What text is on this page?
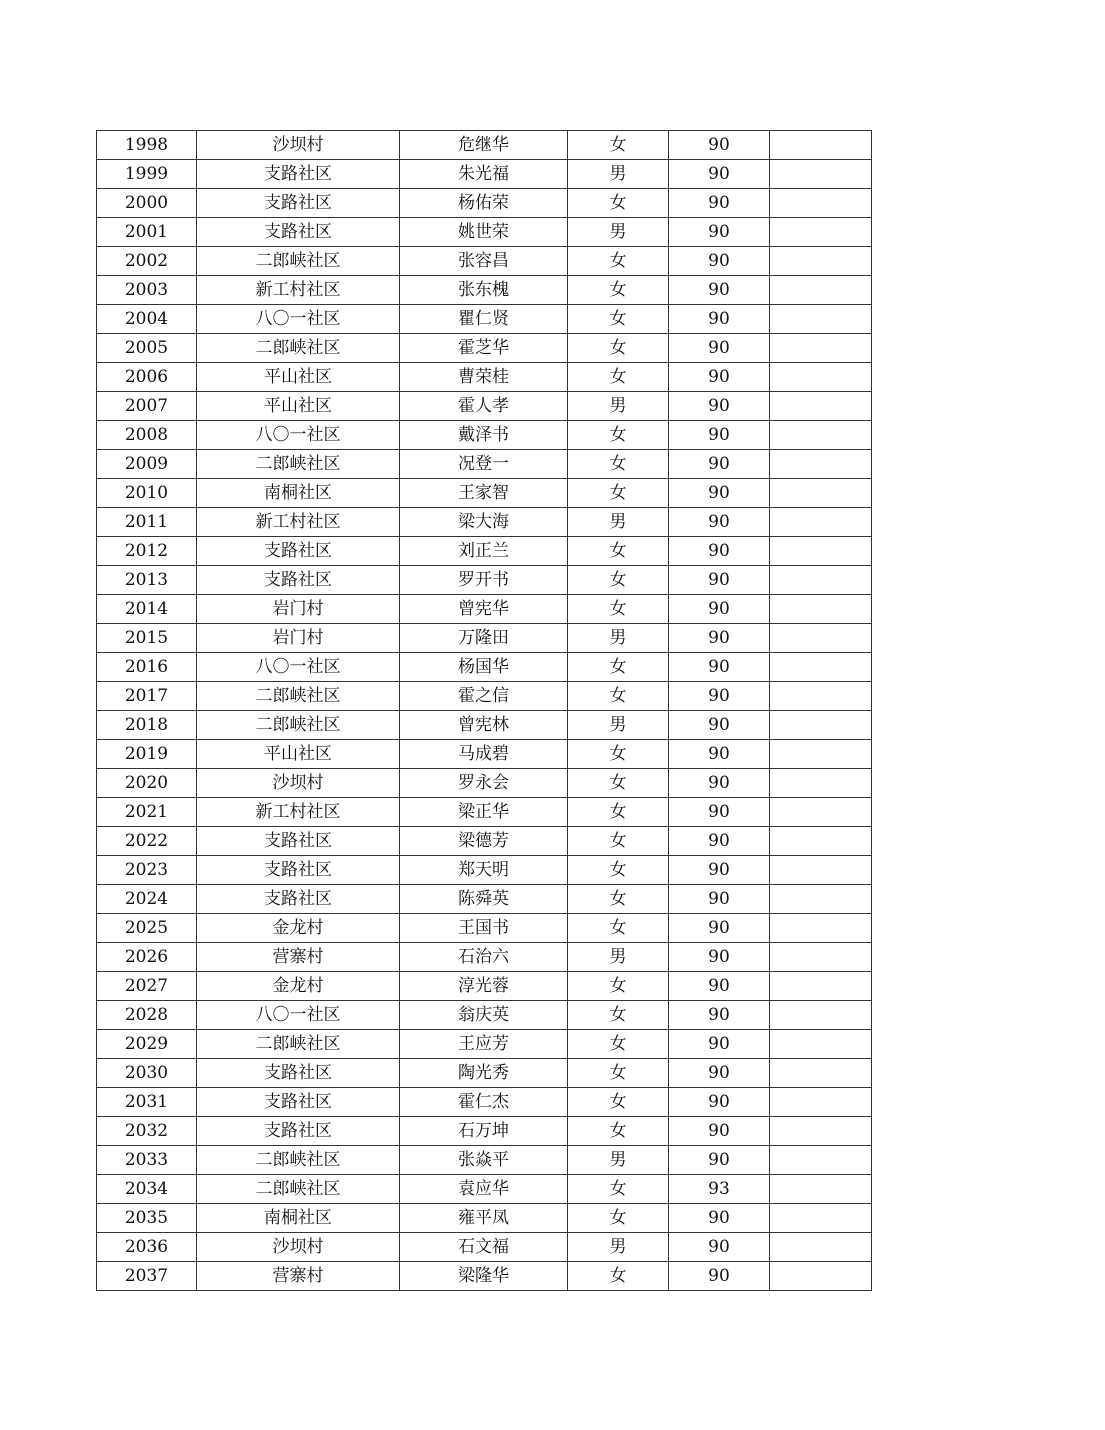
1998	沙坝村	危继华	女	90	
1999	支路社区	朱光福	男	90	
2000	支路社区	杨佑荣	女	90	
2001	支路社区	姚世荣	男	90	
2002	二郎峡社区	张容昌	女	90	
2003	新工村社区	张东槐	女	90	
2004	八〇一社区	瞿仁贤	女	90	
2005	二郎峡社区	霍芝华	女	90	
2006	平山社区	曹荣桂	女	90	
2007	平山社区	霍人孝	男	90	
2008	八〇一社区	戴泽书	女	90	
2009	二郎峡社区	况登一	女	90	
2010	南桐社区	王家智	女	90	
2011	新工村社区	梁大海	男	90	
2012	支路社区	刘正兰	女	90	
2013	支路社区	罗开书	女	90	
2014	岩门村	曾宪华	女	90	
2015	岩门村	万隆田	男	90	
2016	八〇一社区	杨国华	女	90	
2017	二郎峡社区	霍之信	女	90	
2018	二郎峡社区	曾宪林	男	90	
2019	平山社区	马成碧	女	90	
2020	沙坝村	罗永会	女	90	
2021	新工村社区	梁正华	女	90	
2022	支路社区	梁德芳	女	90	
2023	支路社区	郑天明	女	90	
2024	支路社区	陈舜英	女	90	
2025	金龙村	王国书	女	90	
2026	营寨村	石治六	男	90	
2027	金龙村	淳光蓉	女	90	
2028	八〇一社区	翁庆英	女	90	
2029	二郎峡社区	王应芳	女	90	
2030	支路社区	陶光秀	女	90	
2031	支路社区	霍仁杰	女	90	
2032	支路社区	石万坤	女	90	
2033	二郎峡社区	张焱平	男	90	
2034	二郎峡社区	袁应华	女	93	
2035	南桐社区	雍平凤	女	90	
2036	沙坝村	石文福	男	90	
2037	营寨村	梁隆华	女	90	
